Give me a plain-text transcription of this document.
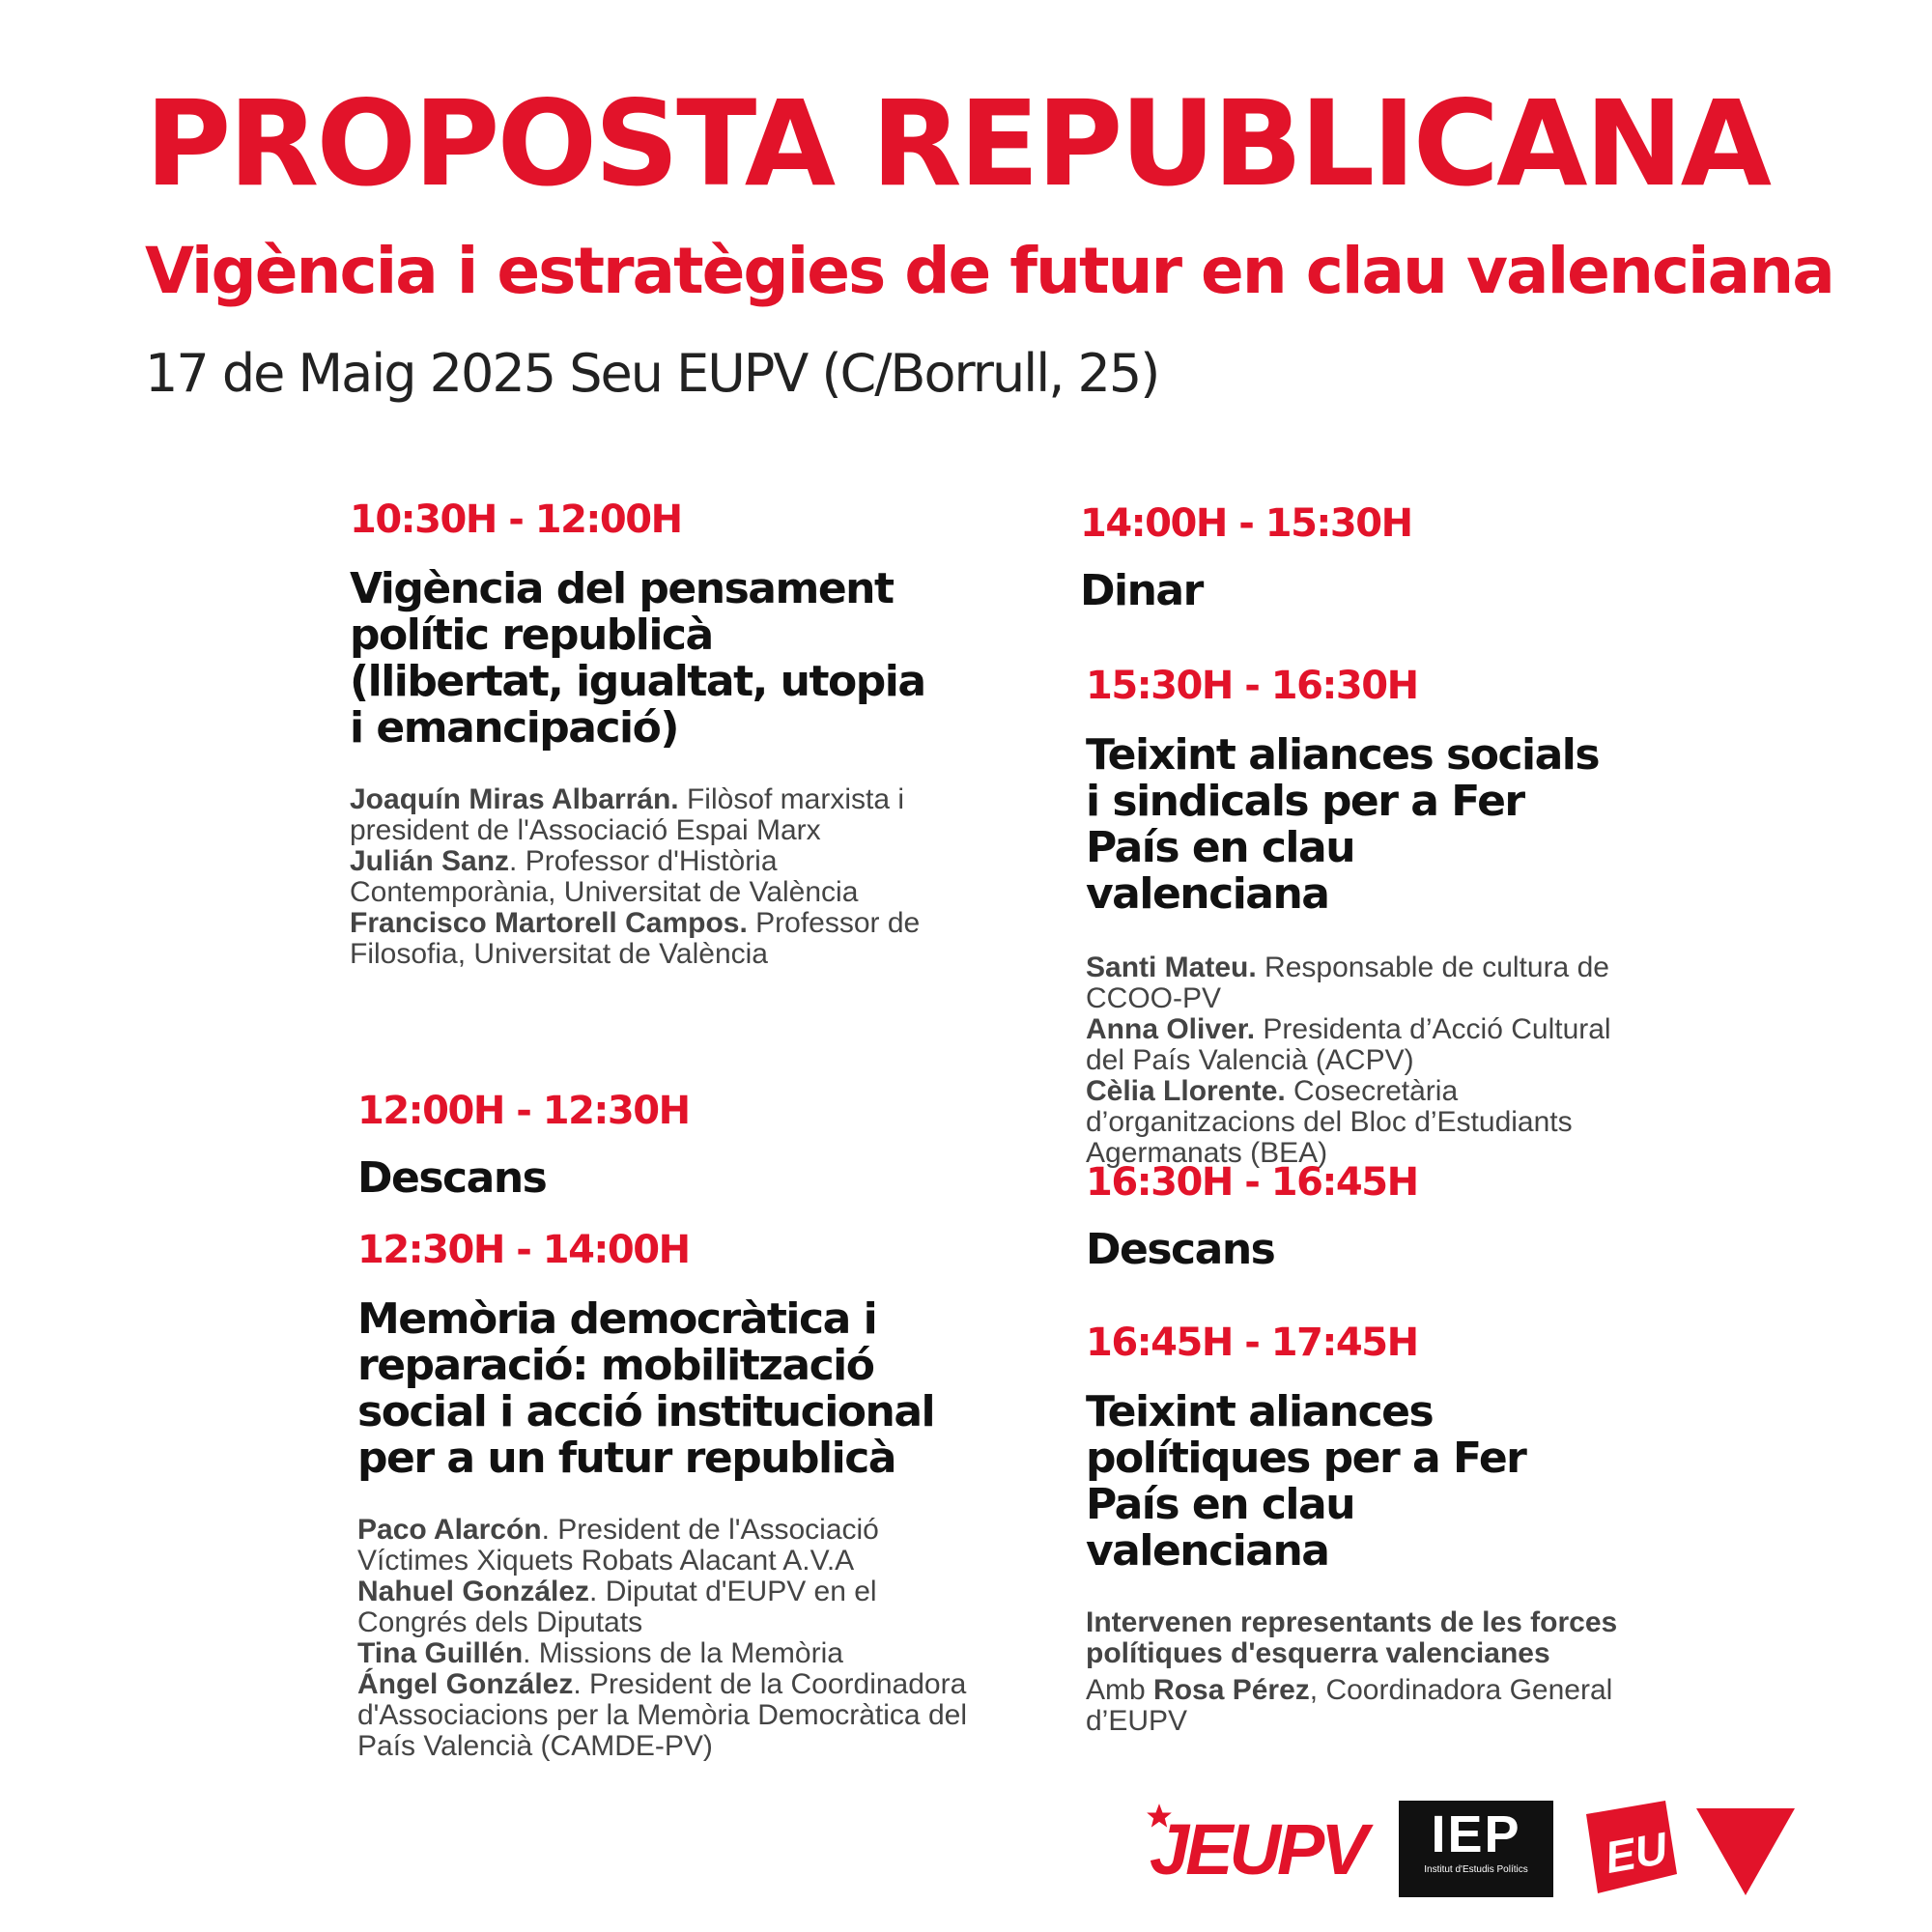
PROPOSTA REPUBLICANA
Vigència i estratègies de futur en clau valenciana

17 de Maig 2025 Seu EUPV (C/Borrull, 25)

10:30H - 12:00H
Vigència del pensament polític republicà (llibertat, igualtat, utopia i emancipació)
Joaquín Miras Albarrán. Filòsof marxista i president de l'Associació Espai Marx
Julián Sanz. Professor d'Història Contemporània, Universitat de València
Francisco Martorell Campos. Professor de Filosofia, Universitat de València
12:00H - 12:30H
Descans
12:30H - 14:00H
Memòria democràtica i reparació: mobilització social i acció institucional per a un futur republicà
Paco Alarcón. President de l'Associació Víctimes Xiquets Robats Alacant A.V.A
Nahuel González. Diputat d'EUPV en el Congrés dels Diputats
Tina Guillén. Missions de la Memòria
Ángel González. President de la Coordinadora d'Associacions per la Memòria Democràtica del País Valencià (CAMDE-PV)
14:00H - 15:30H
Dinar
15:30H - 16:30H
Teixint aliances socials i sindicals per a Fer País en clau valenciana
Santi Mateu. Responsable de cultura de CCOO-PV
Anna Oliver. Presidenta d’Acció Cultural del País Valencià (ACPV)
Cèlia Llorente. Cosecretària d’organitzacions del Bloc d’Estudiants Agermanats (BEA)
16:30H - 16:45H
Descans
16:45H - 17:45H
Teixint aliances polítiques per a Fer País en clau valenciana
Intervenen representants de les forces polítiques d'esquerra valencianes
Amb Rosa Pérez, Coordinadora General d’EUPV
JEUPV	IEP
Institut d'Estudis Polítics	EU
